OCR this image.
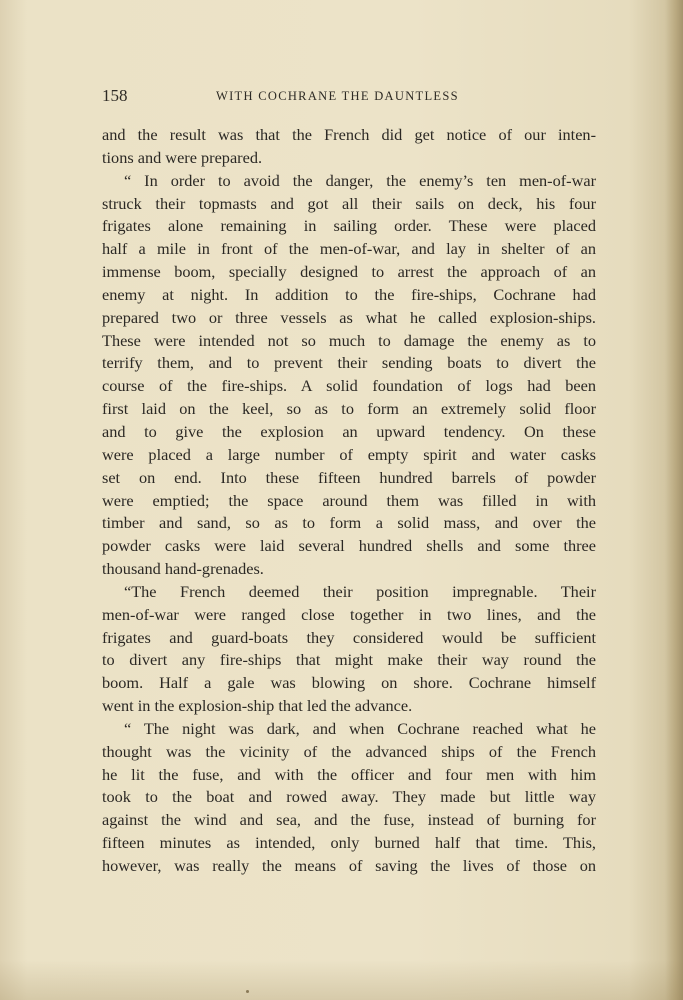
158	WITH COCHRANE THE DAUNTLESS
and the result was that the French did get notice of our inten-
tions and were prepared.
“ In order to avoid the danger, the enemy’s ten men-of-war
struck their topmasts and got all their sails on deck, his four
frigates alone remaining in sailing order. These were placed
half a mile in front of the men-of-war, and lay in shelter of an
immense boom, specially designed to arrest the approach of an
enemy at night. In addition to the fire-ships, Cochrane had
prepared two or three vessels as what he called explosion-ships.
These were intended not so much to damage the enemy as to
terrify them, and to prevent their sending boats to divert the
course of the fire-ships. A solid foundation of logs had been
first laid on the keel, so as to form an extremely solid floor
and to give the explosion an upward tendency. On these
were placed a large number of empty spirit and water casks
set on end. Into these fifteen hundred barrels of powder
were emptied; the space around them was filled in with
timber and sand, so as to form a solid mass, and over the
powder casks were laid several hundred shells and some three
thousand hand-grenades.
“The French deemed their position impregnable. Their
men-of-war were ranged close together in two lines, and the
frigates and guard-boats they considered would be sufficient
to divert any fire-ships that might make their way round the
boom. Half a gale was blowing on shore. Cochrane himself
went in the explosion-ship that led the advance.
“ The night was dark, and when Cochrane reached what he
thought was the vicinity of the advanced ships of the French
he lit the fuse, and with the officer and four men with him
took to the boat and rowed away. They made but little way
against the wind and sea, and the fuse, instead of burning for
fifteen minutes as intended, only burned half that time. This,
however, was really the means of saving the lives of those on
